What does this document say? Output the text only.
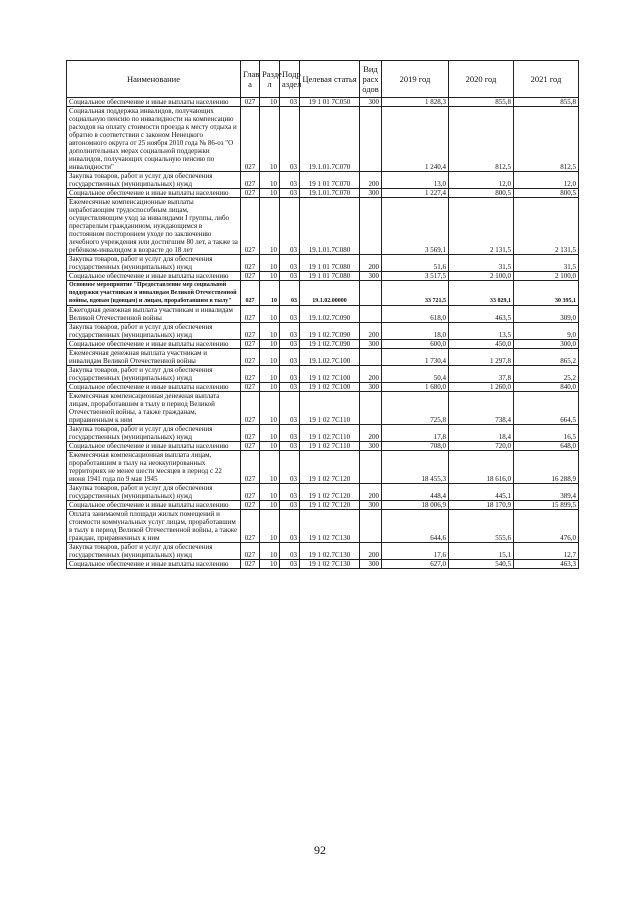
Наименование	Глав а	Разде л	Подр аздел	Целевая статья	Вид расх одов	2019 год	2020 год	2021 год
Социальное обеспечение и иные выплаты населению	027	10	03	19 1 01 7С050	300	1 828,3	855,8	855,8
Социальная поддержка инвалидов, получающих социальную пенсию по инвалидности на компенсацию расходов на оплату стоимости проезда к месту отдыха и обратно в соответствии с законом Ненецкого автономного округа от 25 ноября 2010 года № 86-оз "О дополнительных мерах социальной поддержки инвалидов, получающих социальную пенсию по инвалидности"	027	10	03	19.1.01.7С070		1 240,4	812,5	812,5
Закупка товаров, работ и услуг для обеспечения государственных (муниципальных) нужд	027	10	03	19 1 01 7С070	200	13,0	12,0	12,0
Социальное обеспечение и иные выплаты населению	027	10	03	19.1.01.7С070	300	1 227,4	800,5	800,5
Ежемесячные компенсационные выплаты неработающим трудоспособным лицам, осуществляющим уход за инвалидами I группы, либо престарелым гражданином, нуждающимся в постоянном постороннем уходе по заключению лечебного учреждения или достигшим 80 лет, а также за ребёнком-инвалидом в возрасте до 18 лет	027	10	03	19.1.01.7С080		3 569,1	2 131,5	2 131,5
Закупка товаров, работ и услуг для обеспечения государственных (муниципальных) нужд	027	10	03	19 1 01 7С080	200	51,6	31,5	31,5
Социальное обеспечение и иные выплаты населению	027	10	03	19 1 01 7С080	300	3 517,5	2 100,0	2 100,0
Основное мероприятие "Предоставление мер социальной поддержки участникам и инвалидам Великой Отечественной войны, вдовам (вдовцам) и лицам, проработавшим в тылу"	027	10	03	19.1.02.00000		33 721,5	33 829,1	30 395,1
Ежегодная денежная выплата участникам и инвалидам Великой Отечественной войны	027	10	03	19.1.02.7С090		618,0	463,5	309,0
Закупка товаров, работ и услуг для обеспечения государственных (муниципальных) нужд	027	10	03	19 1 02.7С090	200	18,0	13,5	9,0
Социальное обеспечение и иные выплаты населению	027	10	03	19 1 02.7С090	300	600,0	450,0	300,0
Ежемесячная денежная выплата участникам и инвалидам Великой Отечественной войны	027	10	03	19.1.02.7С100		1 730,4	1 297,8	865,2
Закупка товаров, работ и услуг для обеспечения государственных (муниципальных) нужд	027	10	03	19 1 02 7С100	200	50,4	37,8	25,2
Социальное обеспечение и иные выплаты населению	027	10	03	19 1 02 7С100	300	1 680,0	1 260,0	840,0
Ежемесячная компенсационная денежная выплата лицам, проработавшим в тылу в период Великой Отечественной войны, а также гражданам, приравненным к ним	027	10	03	19 1 02 7С110		725,8	738,4	664,5
Закупка товаров, работ и услуг для обеспечения государственных (муниципальных) нужд	027	10	03	19 1 02.7С110	200	17,8	18,4	16,5
Социальное обеспечение и иные выплаты населению	027	10	03	19 1 02 7С110	300	708,0	720,0	648,0
Ежемесячная компенсационная выплата лицам, проработавшим в тылу на неоккупированных территориях не менее шести месяцев в период с 22 июня 1941 года по 9 мая 1945	027	10	03	19 1 02 7С120		18 455,3	18 616,0	16 288,9
Закупка товаров, работ и услуг для обеспечения государственных (муниципальных) нужд	027	10	03	19 1 02 7С120	200	448,4	445,1	389,4
Социальное обеспечение и иные выплаты населению	027	10	03	19 1 02 7С120	300	18 006,9	18 170,9	15 899,5
Оплата занимаемой площади жилых помещений и стоимости коммунальных услуг лицам, проработавшим в тылу в период Великой Отечественной войны, а также граждан, приравненных к ним	027	10	03	19 1 02 7С130		644,6	555,6	476,0
Закупка товаров, работ и услуг для обеспечения государственных (муниципальных) нужд	027	10	03	19 1 02.7С130	200	17,6	15,1	12,7
Социальное обеспечение и иные выплаты населению	027	10	03	19 1 02 7С130	300	627,0	540,5	463,3
92
